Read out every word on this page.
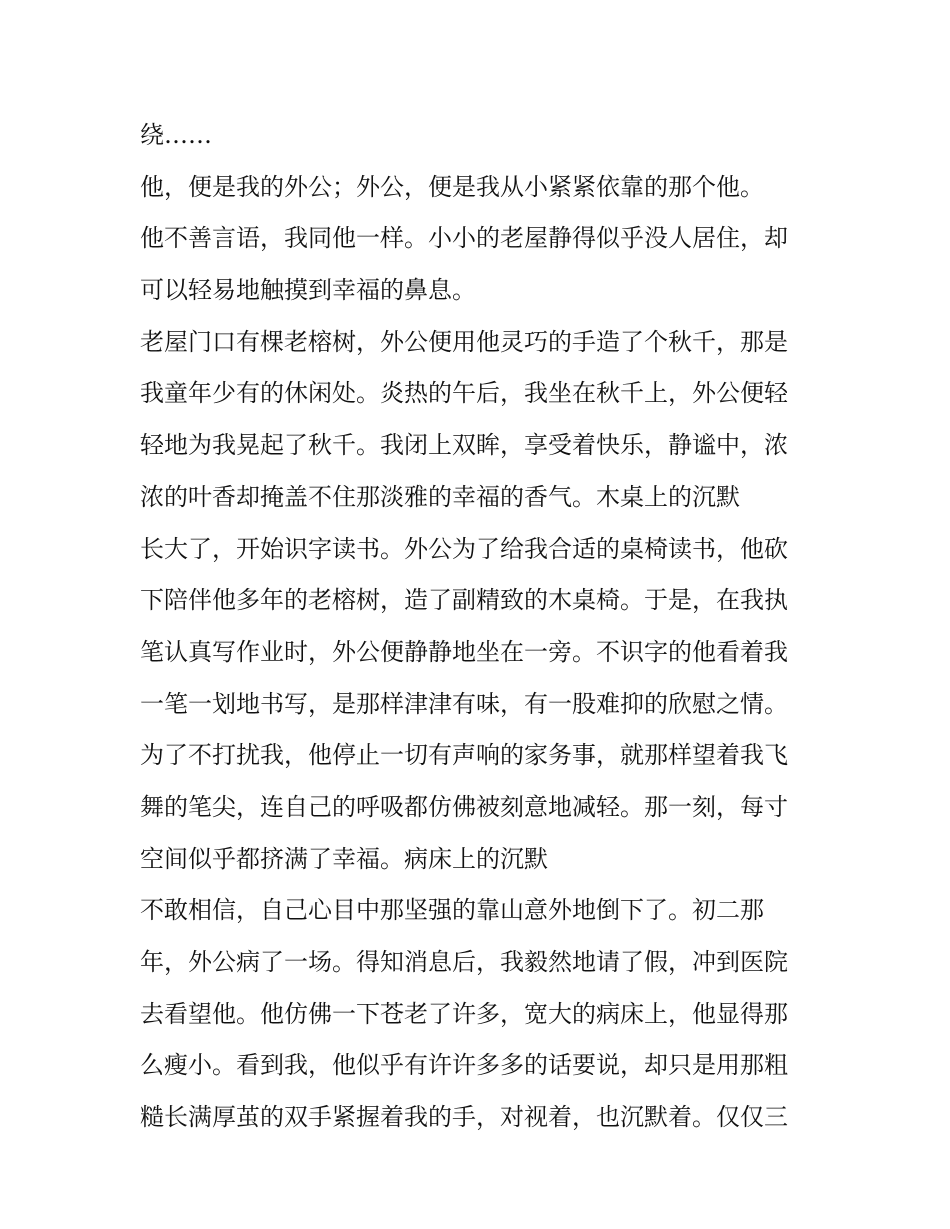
绕……

他，便是我的外公；外公，便是我从小紧紧依靠的那个他。

他不善言语，我同他一样。小小的老屋静得似乎没人居住，却

可以轻易地触摸到幸福的鼻息。

老屋门口有棵老榕树，外公便用他灵巧的手造了个秋千，那是

我童年少有的休闲处。炎热的午后，我坐在秋千上，外公便轻

轻地为我晃起了秋千。我闭上双眸，享受着快乐，静谧中，浓

浓的叶香却掩盖不住那淡雅的幸福的香气。木桌上的沉默

长大了，开始识字读书。外公为了给我合适的桌椅读书，他砍

下陪伴他多年的老榕树，造了副精致的木桌椅。于是，在我执

笔认真写作业时，外公便静静地坐在一旁。不识字的他看着我

一笔一划地书写，是那样津津有味，有一股难抑的欣慰之情。

为了不打扰我，他停止一切有声响的家务事，就那样望着我飞

舞的笔尖，连自己的呼吸都仿佛被刻意地减轻。那一刻，每寸

空间似乎都挤满了幸福。病床上的沉默

不敢相信，自己心目中那坚强的靠山意外地倒下了。初二那

年，外公病了一场。得知消息后，我毅然地请了假，冲到医院

去看望他。他仿佛一下苍老了许多，宽大的病床上，他显得那

么瘦小。看到我，他似乎有许许多多的话要说，却只是用那粗

糙长满厚茧的双手紧握着我的手，对视着，也沉默着。仅仅三
